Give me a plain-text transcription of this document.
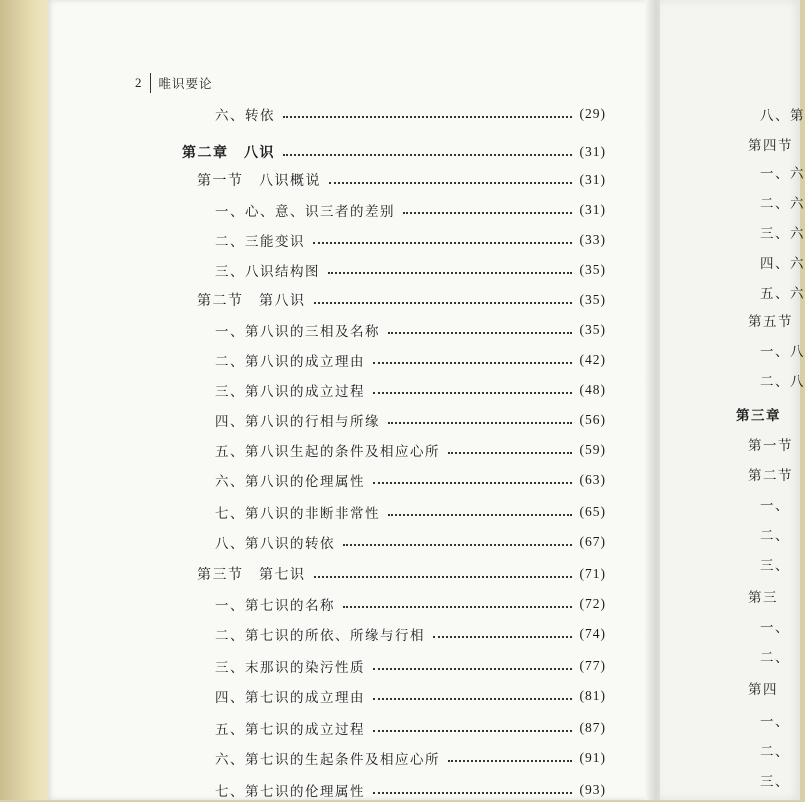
2 唯识要论
六、转依	(29)
第二章　八识	(31)
第一节　八识概说	(31)
一、心、意、识三者的差别	(31)
二、三能变识	(33)
三、八识结构图	(35)
第二节　第八识	(35)
一、第八识的三相及名称	(35)
二、第八识的成立理由	(42)
三、第八识的成立过程	(48)
四、第八识的行相与所缘	(56)
五、第八识生起的条件及相应心所	(59)
六、第八识的伦理属性	(63)
七、第八识的非断非常性	(65)
八、第八识的转依	(67)
第三节　第七识	(71)
一、第七识的名称	(72)
二、第七识的所依、所缘与行相	(74)
三、末那识的染污性质	(77)
四、第七识的成立理由	(81)
五、第七识的成立过程	(87)
六、第七识的生起条件及相应心所	(91)
七、第七识的伦理属性	(93)
八、第
第四节
一、六
二、六
三、六
四、六
五、六
第五节
一、八
二、八
第三章
第一节
第二节
一、
二、
三、
第三
一、
二、
第四
一、
二、
三、
